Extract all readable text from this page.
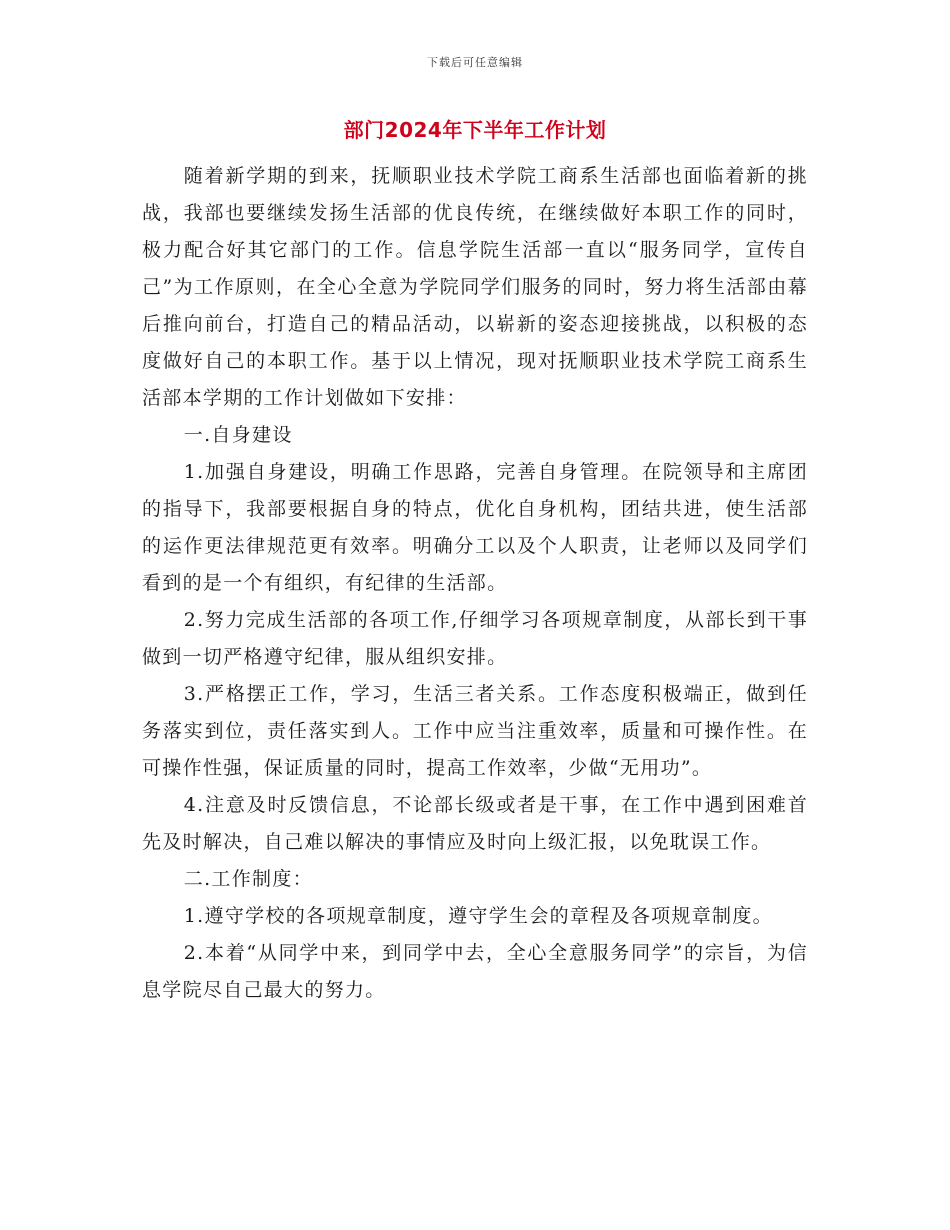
下载后可任意编辑
部门2024年下半年工作计划

随着新学期的到来，抚顺职业技术学院工商系生活部也面临着新的挑战，我部也要继续发扬生活部的优良传统，在继续做好本职工作的同时，极力配合好其它部门的工作。信息学院生活部一直以“服务同学，宣传自己”为工作原则，在全心全意为学院同学们服务的同时，努力将生活部由幕后推向前台，打造自己的精品活动，以崭新的姿态迎接挑战，以积极的态度做好自己的本职工作。基于以上情况，现对抚顺职业技术学院工商系生活部本学期的工作计划做如下安排：

一.自身建设

1.加强自身建设，明确工作思路，完善自身管理。在院领导和主席团的指导下，我部要根据自身的特点，优化自身机构，团结共进，使生活部的运作更法律规范更有效率。明确分工以及个人职责，让老师以及同学们看到的是一个有组织，有纪律的生活部。

2.努力完成生活部的各项工作,仔细学习各项规章制度，从部长到干事做到一切严格遵守纪律，服从组织安排。

3.严格摆正工作，学习，生活三者关系。工作态度积极端正，做到任务落实到位，责任落实到人。工作中应当注重效率，质量和可操作性。在可操作性强，保证质量的同时，提高工作效率，少做“无用功”。

4.注意及时反馈信息，不论部长级或者是干事，在工作中遇到困难首先及时解决，自己难以解决的事情应及时向上级汇报，以免耽误工作。

二.工作制度：

1.遵守学校的各项规章制度，遵守学生会的章程及各项规章制度。

2.本着“从同学中来，到同学中去，全心全意服务同学”的宗旨，为信息学院尽自己最大的努力。
